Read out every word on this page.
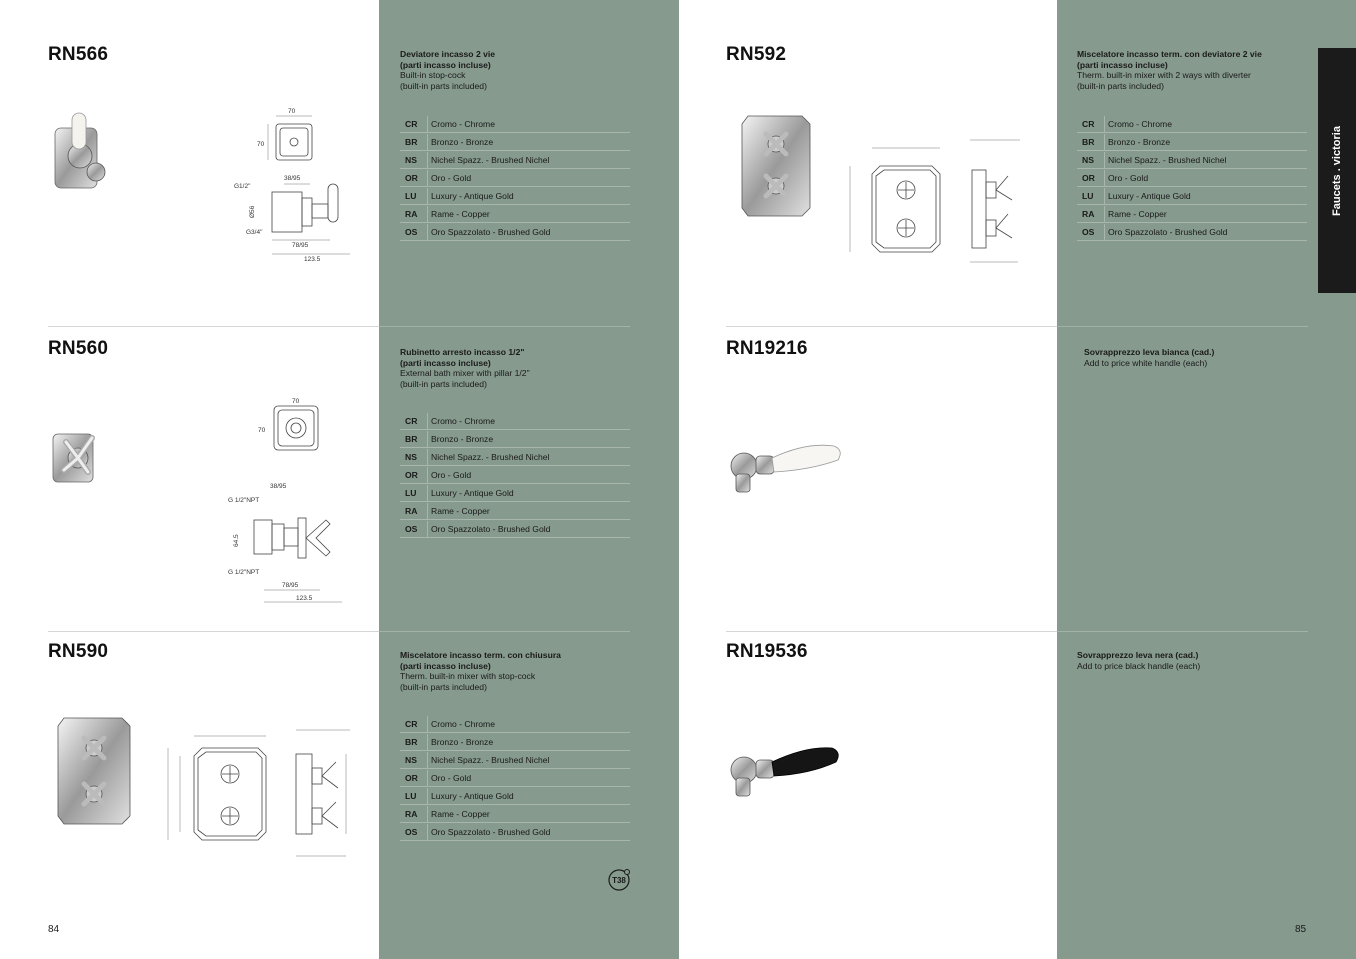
Faucets . victoria
RN566	Deviatore incasso 2 vie
(parti incasso incluse)
Built-in stop-cock
(built-in parts included)
CR Cromo - Chrome
BR Bronzo - Bronze
NS Nichel Spazz. - Brushed Nichel
OR Oro - Gold
LU Luxury - Antique Gold
RA Rame - Copper
OS Oro Spazzolato - Brushed Gold
70
70
G1/2"
38/95
Ø56
G3/4"
78/95
123.5
RN560	Rubinetto arresto incasso 1/2"
(parti incasso incluse)
External bath mixer with pillar 1/2"
(built-in parts included)
CR Cromo - Chrome
BR Bronzo - Bronze
NS Nichel Spazz. - Brushed Nichel
OR Oro - Gold
LU Luxury - Antique Gold
RA Rame - Copper
OS Oro Spazzolato - Brushed Gold
70
70
G 1/2"NPT
38/95
64.5
G 1/2"NPT
78/95
123.5
RN590	Miscelatore incasso term. con chiusura
(parti incasso incluse)
Therm. built-in mixer with stop-cock
(built-in parts included)
CR Cromo - Chrome
BR Bronzo - Bronze
NS Nichel Spazz. - Brushed Nichel
OR Oro - Gold
LU Luxury - Antique Gold
RA Rame - Copper
OS Oro Spazzolato - Brushed Gold
T38
84
RN592	Miscelatore incasso term. con deviatore 2 vie
(parti incasso incluse)
Therm. built-in mixer with 2 ways with diverter
(built-in parts included)
CR Cromo - Chrome
BR Bronzo - Bronze
NS Nichel Spazz. - Brushed Nichel
OR Oro - Gold
LU Luxury - Antique Gold
RA Rame - Copper
OS Oro Spazzolato - Brushed Gold
RN19216	Sovrapprezzo leva bianca (cad.)
Add to price white handle (each)
RN19536	Sovrapprezzo leva nera (cad.)
Add to price black handle (each)
85
